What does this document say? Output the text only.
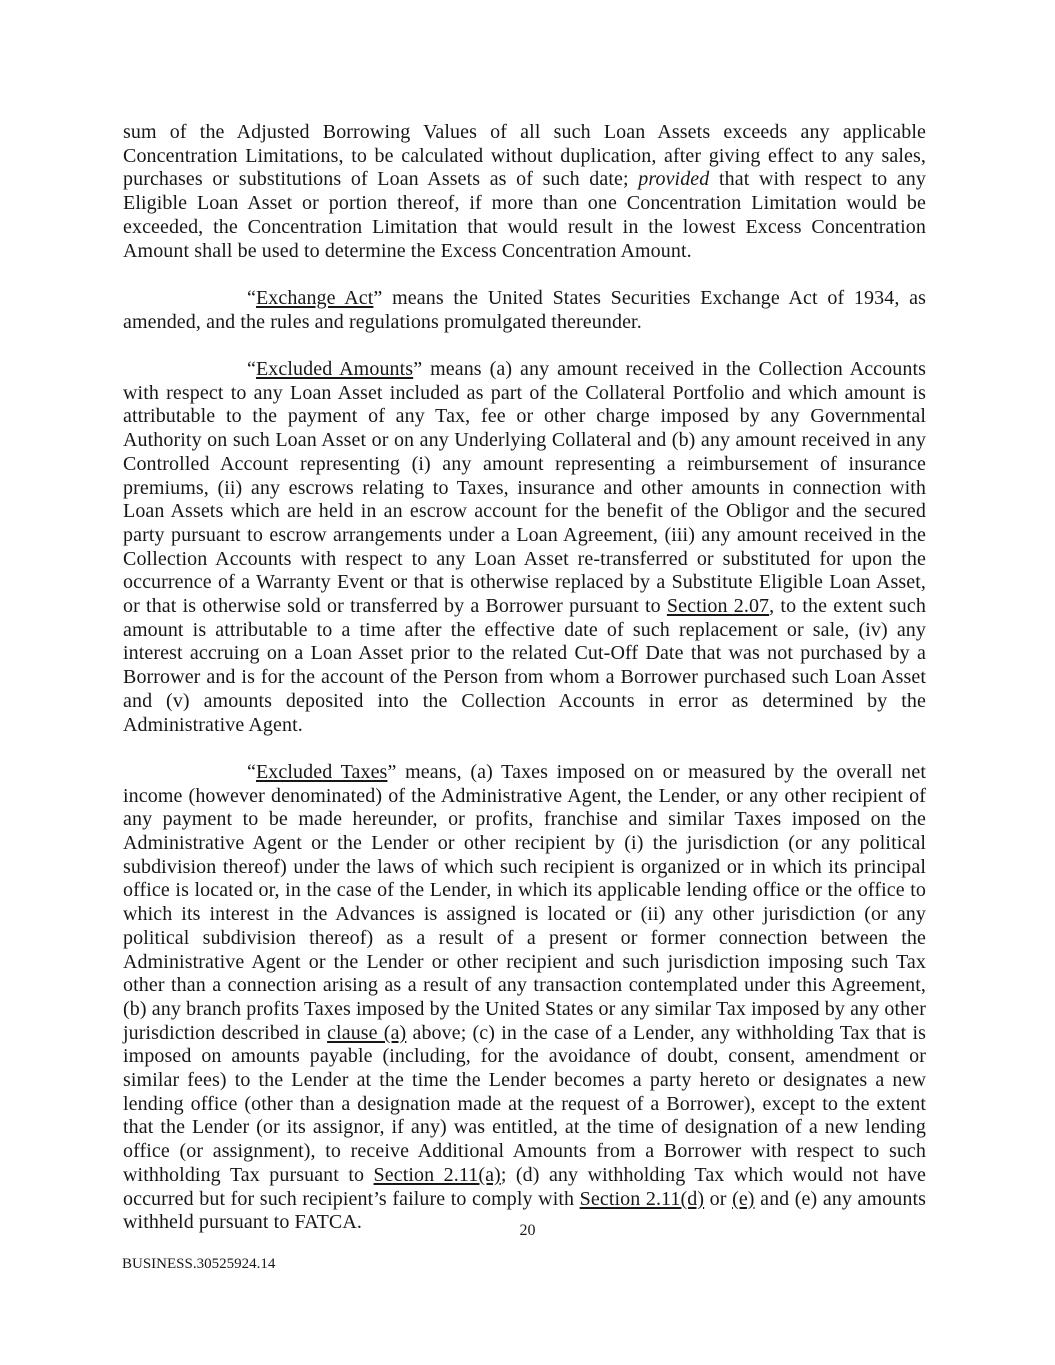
sum of the Adjusted Borrowing Values of all such Loan Assets exceeds any applicable Concentration Limitations, to be calculated without duplication, after giving effect to any sales, purchases or substitutions of Loan Assets as of such date; provided that with respect to any Eligible Loan Asset or portion thereof, if more than one Concentration Limitation would be exceeded, the Concentration Limitation that would result in the lowest Excess Concentration Amount shall be used to determine the Excess Concentration Amount.

“Exchange Act” means the United States Securities Exchange Act of 1934, as amended, and the rules and regulations promulgated thereunder.

“Excluded Amounts” means (a) any amount received in the Collection Accounts with respect to any Loan Asset included as part of the Collateral Portfolio and which amount is attributable to the payment of any Tax, fee or other charge imposed by any Governmental Authority on such Loan Asset or on any Underlying Collateral and (b) any amount received in any Controlled Account representing (i) any amount representing a reimbursement of insurance premiums, (ii) any escrows relating to Taxes, insurance and other amounts in connection with Loan Assets which are held in an escrow account for the benefit of the Obligor and the secured party pursuant to escrow arrangements under a Loan Agreement, (iii) any amount received in the Collection Accounts with respect to any Loan Asset re-transferred or substituted for upon the occurrence of a Warranty Event or that is otherwise replaced by a Substitute Eligible Loan Asset, or that is otherwise sold or transferred by a Borrower pursuant to Section 2.07, to the extent such amount is attributable to a time after the effective date of such replacement or sale, (iv) any interest accruing on a Loan Asset prior to the related Cut-Off Date that was not purchased by a Borrower and is for the account of the Person from whom a Borrower purchased such Loan Asset and (v) amounts deposited into the Collection Accounts in error as determined by the Administrative Agent.

“Excluded Taxes” means, (a) Taxes imposed on or measured by the overall net income (however denominated) of the Administrative Agent, the Lender, or any other recipient of any payment to be made hereunder, or profits, franchise and similar Taxes imposed on the Administrative Agent or the Lender or other recipient by (i) the jurisdiction (or any political subdivision thereof) under the laws of which such recipient is organized or in which its principal office is located or, in the case of the Lender, in which its applicable lending office or the office to which its interest in the Advances is assigned is located or (ii) any other jurisdiction (or any political subdivision thereof) as a result of a present or former connection between the Administrative Agent or the Lender or other recipient and such jurisdiction imposing such Tax other than a connection arising as a result of any transaction contemplated under this Agreement, (b) any branch profits Taxes imposed by the United States or any similar Tax imposed by any other jurisdiction described in clause (a) above; (c) in the case of a Lender, any withholding Tax that is imposed on amounts payable (including, for the avoidance of doubt, consent, amendment or similar fees) to the Lender at the time the Lender becomes a party hereto or designates a new lending office (other than a designation made at the request of a Borrower), except to the extent that the Lender (or its assignor, if any) was entitled, at the time of designation of a new lending office (or assignment), to receive Additional Amounts from a Borrower with respect to such withholding Tax pursuant to Section 2.11(a); (d) any withholding Tax which would not have occurred but for such recipient’s failure to comply with Section 2.11(d) or (e) and (e) any amounts withheld pursuant to FATCA.	20
BUSINESS.30525924.14
